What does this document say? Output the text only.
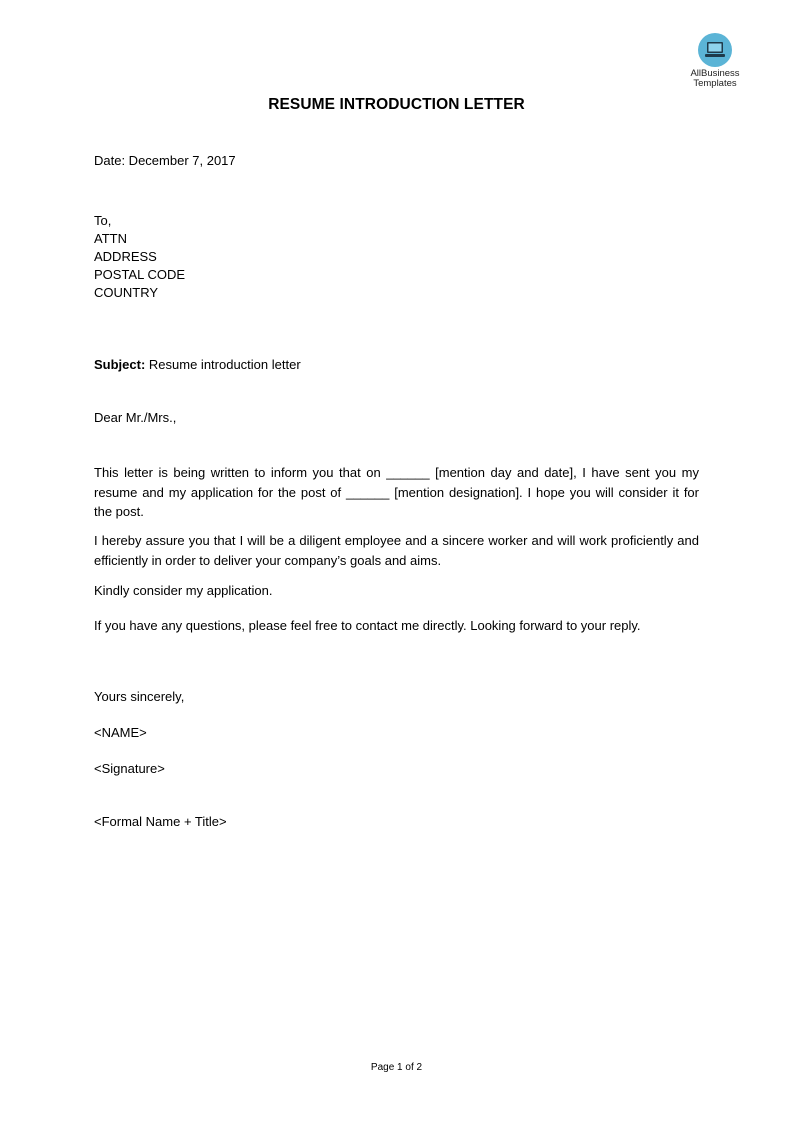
AllBusiness
Templates
RESUME INTRODUCTION LETTER
Date: December 7, 2017
To,
ATTN
ADDRESS
POSTAL CODE
COUNTRY
Subject: Resume introduction letter
Dear Mr./Mrs.,
This letter is being written to inform you that on ______ [mention day and date], I have sent you my resume and my application for the post of ______ [mention designation]. I hope you will consider it for the post.
I hereby assure you that I will be a diligent employee and a sincere worker and will work proficiently and efficiently in order to deliver your company’s goals and aims.
Kindly consider my application.
If you have any questions, please feel free to contact me directly. Looking forward to your reply.
Yours sincerely,
<NAME>
<Signature>
<Formal Name + Title>
Page 1 of 2
